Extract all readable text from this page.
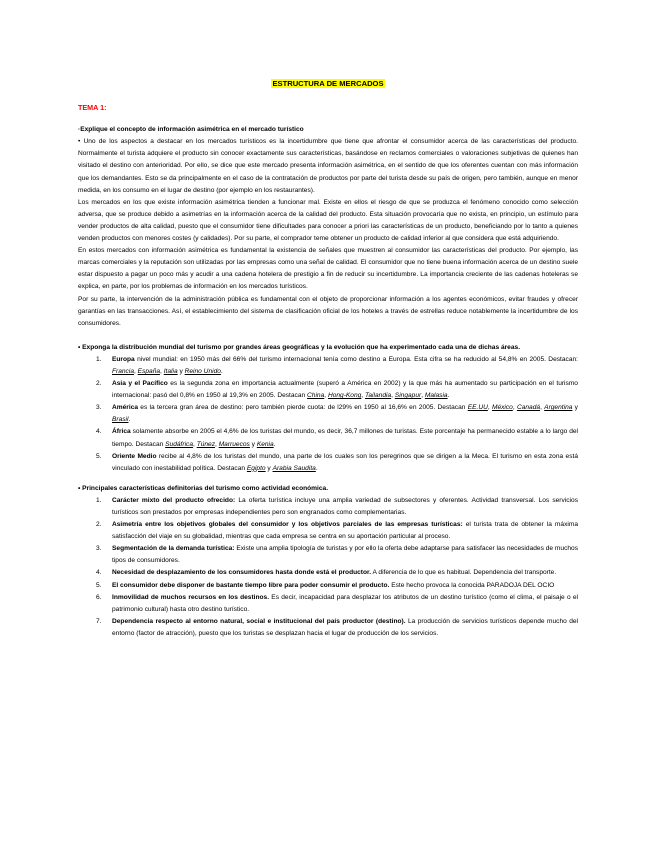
ESTRUCTURA DE MERCADOS
TEMA 1:
·Explique el concepto de información asimétrica en el mercado turístico

• Uno de los aspectos a destacar en los mercados turísticos es la incertidumbre que tiene que afrontar el consumidor acerca de las características del producto. Normalmente el turista adquiere el producto sin conocer exactamente sus características, basándose en reclamos comerciales o valoraciones subjetivas de quienes han visitado el destino con anterioridad. Por ello, se dice que este mercado presenta información asimétrica, en el sentido de que los oferentes cuentan con más información que los demandantes. Esto se da principalmente en el caso de la contratación de productos por parte del turista desde su país de origen, pero también, aunque en menor medida, en los consumo en el lugar de destino (por ejemplo en los restaurantes).

Los mercados en los que existe información asimétrica tienden a funcionar mal. Existe en ellos el riesgo de que se produzca el fenómeno conocido como selección adversa, que se produce debido a asimetrías en la información acerca de la calidad del producto. Esta situación provocaría que no exista, en principio, un estímulo para vender productos de alta calidad, puesto que el consumidor tiene dificultades para conocer a priori las características de un producto, beneficiando por lo tanto a quienes venden productos con menores costes (y calidades). Por su parte, el comprador teme obtener un producto de calidad inferior al que considera que está adquiriendo.

En estos mercados con información asimétrica es fundamental la existencia de señales que muestren al consumidor las características del producto. Por ejemplo, las marcas comerciales y la reputación son utilizadas por las empresas como una señal de calidad. El consumidor que no tiene buena información acerca de un destino suele estar dispuesto a pagar un poco más y acudir a una cadena hotelera de prestigio a fin de reducir su incertidumbre. La importancia creciente de las cadenas hoteleras se explica, en parte, por los problemas de información en los mercados turísticos.

Por su parte, la intervención de la administración pública es fundamental con el objeto de proporcionar información a los agentes económicos, evitar fraudes y ofrecer garantías en las transacciones. Así, el establecimiento del sistema de clasificación oficial de los hoteles a través de estrellas reduce notablemente la incertidumbre de los consumidores.

• Exponga la distribución mundial del turismo por grandes áreas geográficas y la evolución que ha experimentado cada una de dichas áreas.
1. Europa nivel mundial: en 1950 más del 66% del turismo internacional tenía como destino a Europa. Esta cifra se ha reducido al 54,8% en 2005. Destacan: Francia, España, Italia y Reino Unido.
2. Asia y el Pacífico es la segunda zona en importancia actualmente (superó a América en 2002) y la que más ha aumentado su participación en el turismo internacional: pasó del 0,8% en 1950 al 19,3% en 2005. Destacan China, Hong-Kong, Tailandia, Singapur, Malasia.
3. América es la tercera gran área de destino: pero también pierde cuota: de l29% en 1950 al 16,6% en 2005. Destacan EE.UU, México, Canadá, Argentina y Brasil.
4. África solamente absorbe en 2005 el 4,6% de los turistas del mundo, es decir, 36,7 millones de turistas. Este porcentaje ha permanecido estable a lo largo del tiempo. Destacan Sudáfrica, Túnez, Marruecos y Kenia.
5. Oriente Medio recibe al 4,8% de los turistas del mundo, una parte de los cuales son los peregrinos que se dirigen a la Meca. El turismo en esta zona está vinculado con inestabilidad política. Destacan Egipto y Arabia Saudita.
• Principales características definitorias del turismo como actividad económica.
1. Carácter mixto del producto ofrecido: La oferta turística incluye una amplia variedad de subsectores y oferentes. Actividad transversal. Los servicios turísticos son prestados por empresas independientes pero son engranados como complementarias.
2. Asimetría entre los objetivos globales del consumidor y los objetivos parciales de las empresas turísticas: el turista trata de obtener la máxima satisfacción del viaje en su globalidad, mientras que cada empresa se centra en su aportación particular al proceso.
3. Segmentación de la demanda turística: Existe una amplia tipología de turistas y por ello la oferta debe adaptarse para satisfacer las necesidades de muchos tipos de consumidores.
4. Necesidad de desplazamiento de los consumidores hasta donde está el productor. A diferencia de lo que es habitual. Dependencia del transporte.
5. El consumidor debe disponer de bastante tiempo libre para poder consumir el producto. Este hecho provoca la conocida PARADOJA DEL OCIO
6. Inmovilidad de muchos recursos en los destinos. Es decir, incapacidad para desplazar los atributos de un destino turístico (como el clima, el paisaje o el patrimonio cultural) hasta otro destino turístico.
7. Dependencia respecto al entorno natural, social e institucional del país productor (destino). La producción de servicios turísticos depende mucho del entorno (factor de atracción), puesto que los turistas se desplazan hacia el lugar de producción de los servicios.
